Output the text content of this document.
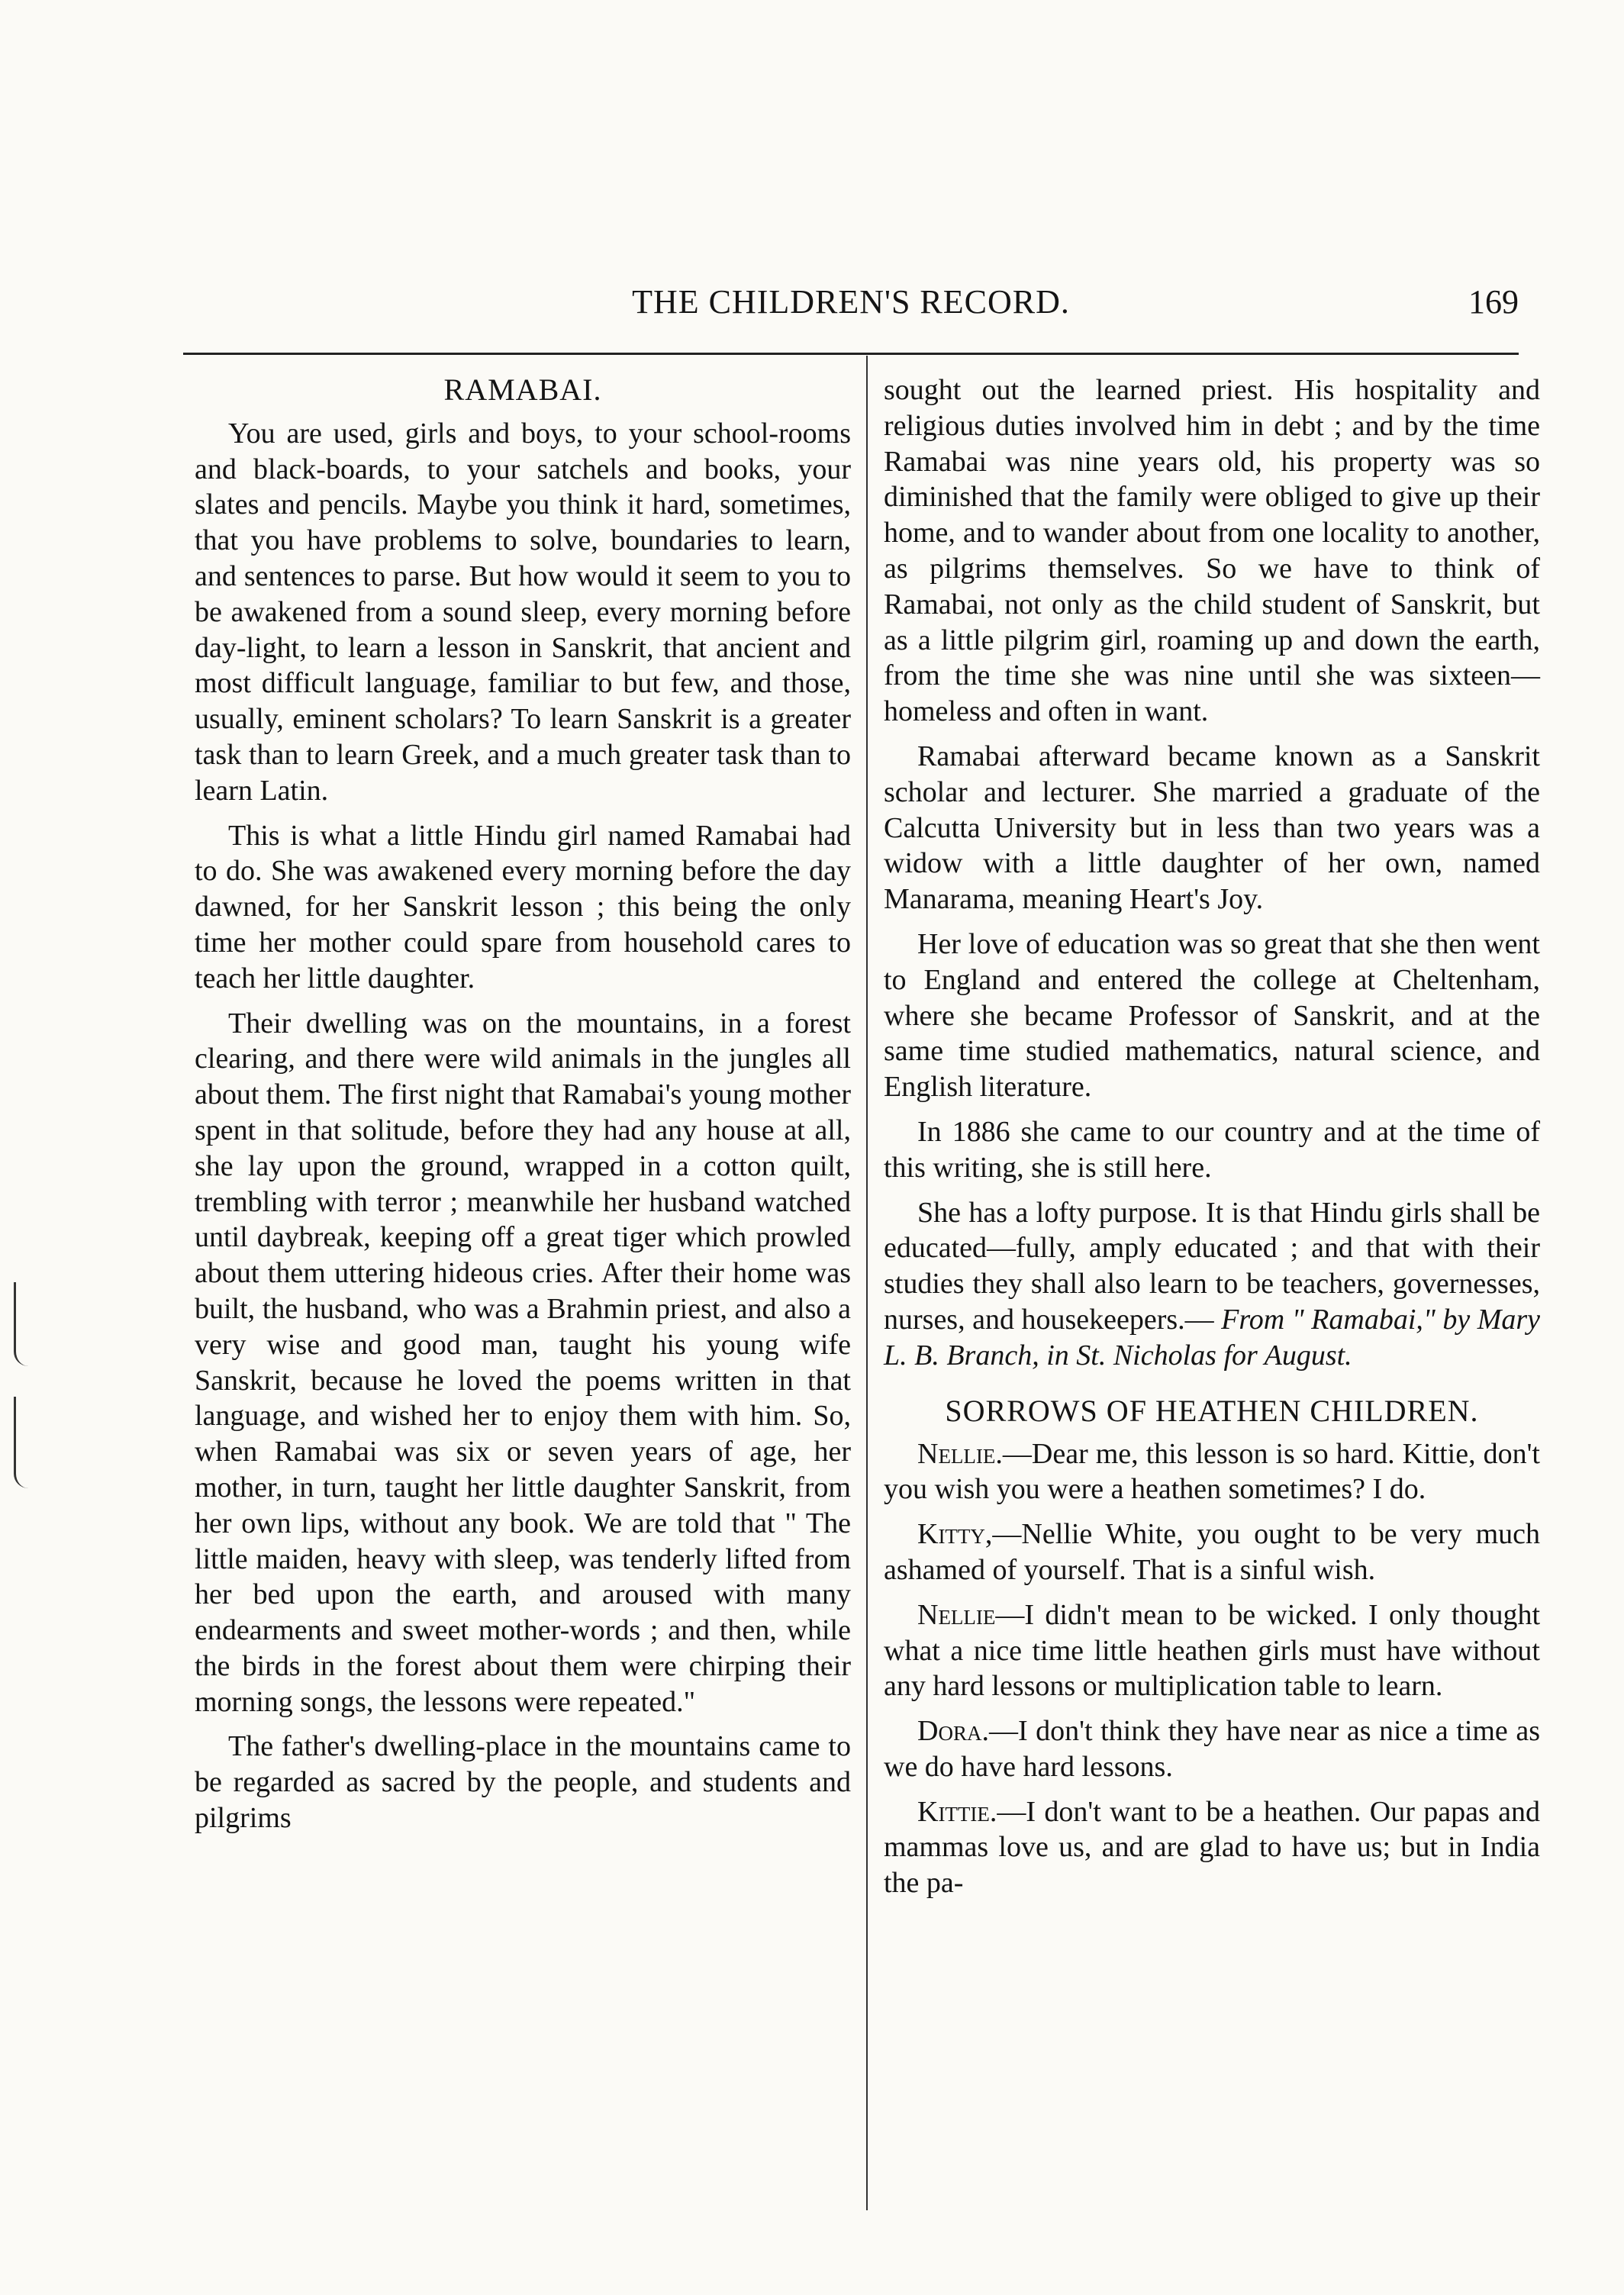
THE CHILDREN'S RECORD.	169
RAMABAI.

You are used, girls and boys, to your school-rooms and black-boards, to your satchels and books, your slates and pencils. Maybe you think it hard, sometimes, that you have problems to solve, boundaries to learn, and sentences to parse. But how would it seem to you to be awakened from a sound sleep, every morning before day-light, to learn a lesson in Sanskrit, that ancient and most difficult language, familiar to but few, and those, usually, eminent scholars? To learn Sanskrit is a greater task than to learn Greek, and a much greater task than to learn Latin.

This is what a little Hindu girl named Ramabai had to do. She was awakened every morning before the day dawned, for her Sanskrit lesson ; this being the only time her mother could spare from household cares to teach her little daughter.

Their dwelling was on the mountains, in a forest clearing, and there were wild animals in the jungles all about them. The first night that Ramabai's young mother spent in that solitude, before they had any house at all, she lay upon the ground, wrapped in a cotton quilt, trembling with terror ; meanwhile her husband watched until daybreak, keeping off a great tiger which prowled about them uttering hideous cries. After their home was built, the husband, who was a Brahmin priest, and also a very wise and good man, taught his young wife Sanskrit, because he loved the poems written in that language, and wished her to enjoy them with him. So, when Ramabai was six or seven years of age, her mother, in turn, taught her little daughter Sanskrit, from her own lips, without any book. We are told that " The little maiden, heavy with sleep, was tenderly lifted from her bed upon the earth, and aroused with many endearments and sweet mother-words ; and then, while the birds in the forest about them were chirping their morning songs, the lessons were repeated."

The father's dwelling-place in the mountains came to be regarded as sacred by the people, and students and pilgrims

sought out the learned priest. His hospitality and religious duties involved him in debt ; and by the time Ramabai was nine years old, his property was so diminished that the family were obliged to give up their home, and to wander about from one locality to another, as pilgrims themselves. So we have to think of Ramabai, not only as the child student of Sanskrit, but as a little pilgrim girl, roaming up and down the earth, from the time she was nine until she was sixteen—homeless and often in want.

Ramabai afterward became known as a Sanskrit scholar and lecturer. She married a graduate of the Calcutta University but in less than two years was a widow with a little daughter of her own, named Manarama, meaning Heart's Joy.

Her love of education was so great that she then went to England and entered the college at Cheltenham, where she became Professor of Sanskrit, and at the same time studied mathematics, natural science, and English literature.

In 1886 she came to our country and at the time of this writing, she is still here.

She has a lofty purpose. It is that Hindu girls shall be educated—fully, amply educated ; and that with their studies they shall also learn to be teachers, governesses, nurses, and housekeepers.— From " Ramabai," by Mary L. B. Branch, in St. Nicholas for August.

SORROWS OF HEATHEN CHILDREN.

Nellie.—Dear me, this lesson is so hard. Kittie, don't you wish you were a heathen sometimes? I do.

Kitty,—Nellie White, you ought to be very much ashamed of yourself. That is a sinful wish.

Nellie—I didn't mean to be wicked. I only thought what a nice time little heathen girls must have without any hard lessons or multiplication table to learn.

Dora.—I don't think they have near as nice a time as we do have hard lessons.

Kittie.—I don't want to be a heathen. Our papas and mammas love us, and are glad to have us; but in India the pa-
